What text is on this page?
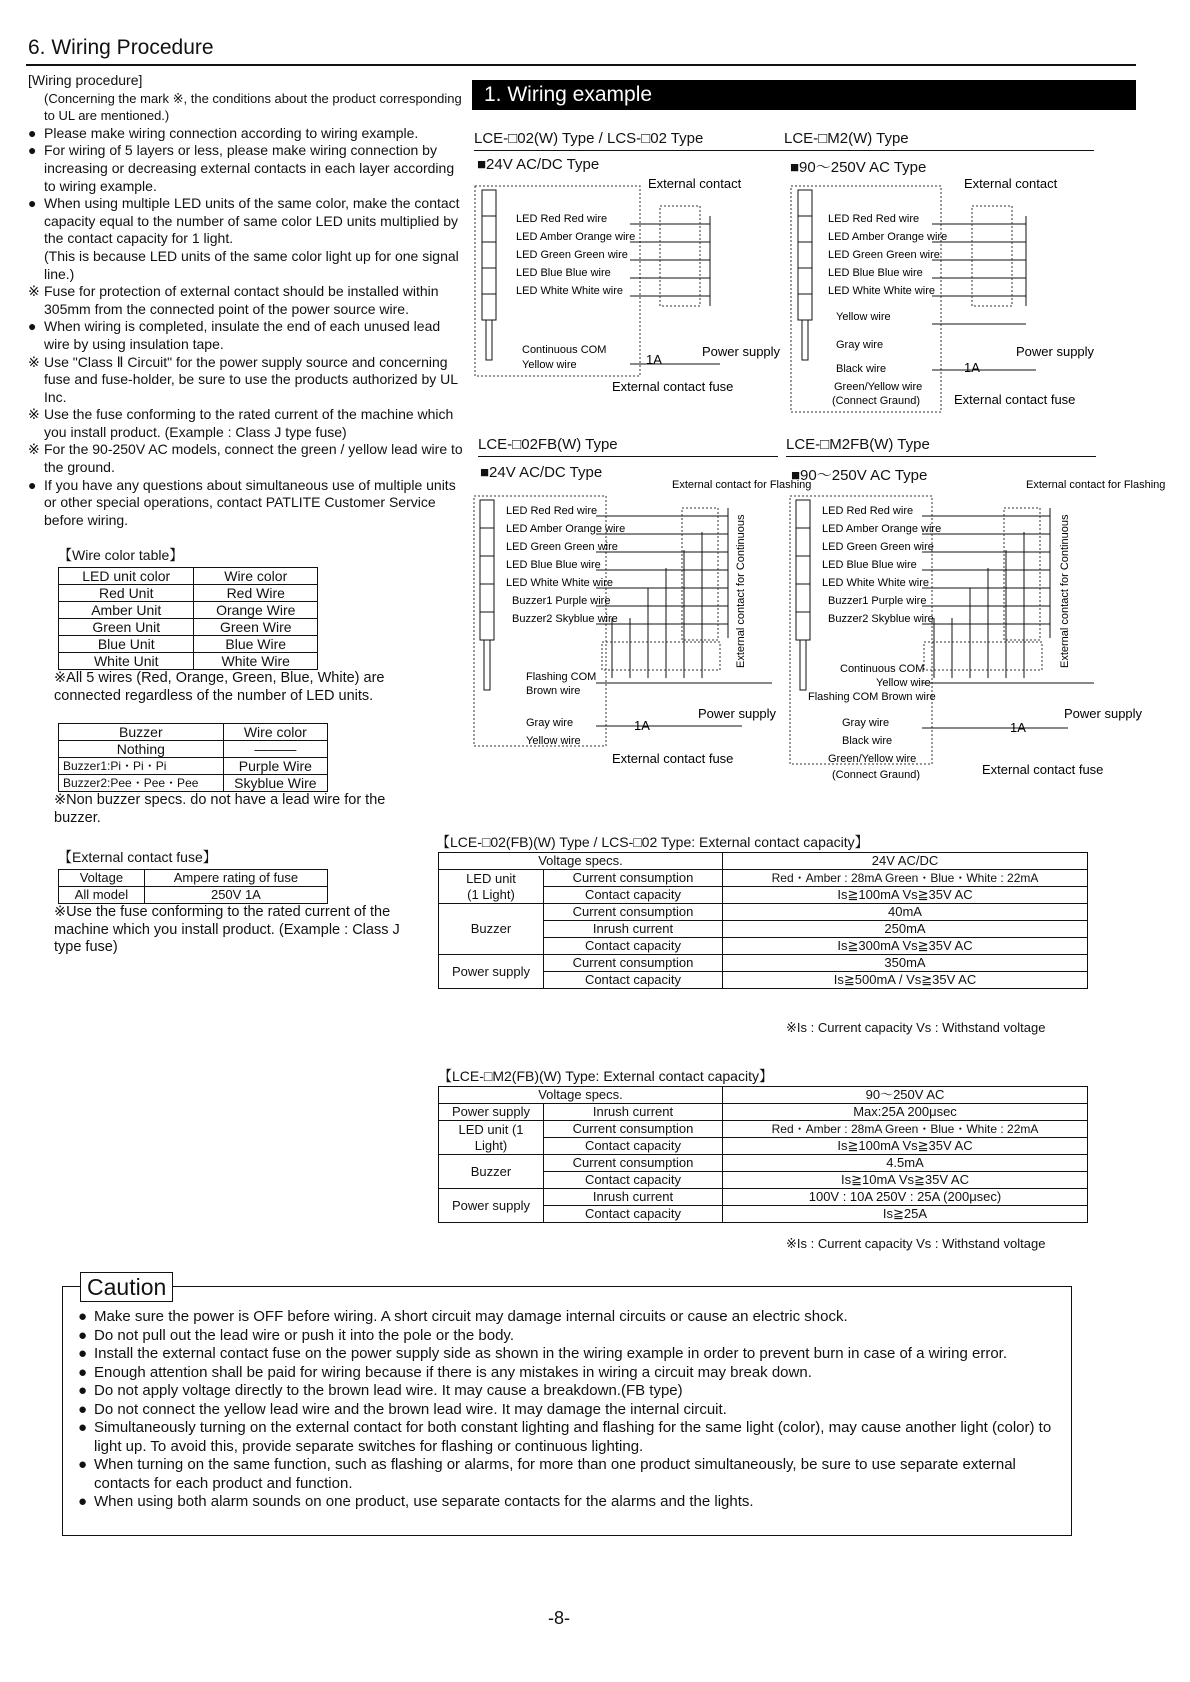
6. Wiring Procedure

[Wiring procedure]

(Concerning the mark ※, the conditions about the product corresponding to UL are mentioned.)

● Please make wiring connection according to wiring example.
● For wiring of 5 layers or less, please make wiring connection by increasing or decreasing external contacts in each layer according to wiring example.
● When using multiple LED units of the same color, make the contact capacity equal to the number of same color LED units multiplied by the contact capacity for 1 light.
(This is because LED units of the same color light up for one signal line.)
※ Fuse for protection of external contact should be installed within 305mm from the connected point of the power source wire.
● When wiring is completed, insulate the end of each unused lead wire by using insulation tape.
※ Use "Class Ⅱ Circuit" for the power supply source and concerning fuse and fuse-holder, be sure to use the products authorized by UL Inc.
※ Use the fuse conforming to the rated current of the machine which you install product. (Example : Class J type fuse)
※ For the 90-250V AC models, connect the green / yellow lead wire to the ground.
● If you have any questions about simultaneous use of multiple units or other special operations, contact PATLITE Customer Service before wiring.
【Wire color table】
LED unit color	Wire color
Red Unit	Red Wire
Amber Unit	Orange Wire
Green Unit	Green Wire
Blue Unit	Blue Wire
White Unit	White Wire

※All 5 wires (Red, Orange, Green, Blue, White) are connected regardless of the number of LED units.

Buzzer	Wire color
Nothing	———
Buzzer1:Pi・Pi・Pi	Purple Wire
Buzzer2:Pee・Pee・Pee	Skyblue Wire

※Non buzzer specs. do not have a lead wire for the buzzer.

【External contact fuse】
Voltage	Ampere rating of fuse
All model	250V 1A

※Use the fuse conforming to the rated current of the machine which you install product. (Example : Class J type fuse)

1. Wiring example
LCE-□02(W) Type / LCS-□02 Type
■24V AC/DC Type
LCE-□M2(W) Type
■90〜250V AC Type
LCE-□02FB(W) Type
■24V AC/DC Type
LCE-□M2FB(W) Type
■90〜250V AC Type
LED Red Red wire
LED Amber Orange wire
LED Green Green wire
LED Blue Blue wire
LED White White wire
Continuous COM
Yellow wire
External contact
1A
Power supply
External contact fuse
LED Red Red wire
LED Amber Orange wire
LED Green Green wire
LED Blue Blue wire
LED White White wire
Yellow wire
Gray wire
Black wire
Green/Yellow wire
(Connect Graund)
External contact
1A
Power supply
External contact fuse
LED Red Red wire
LED Amber Orange wire
LED Green Green wire
LED Blue Blue wire
LED White White wire
Buzzer1 Purple wire
Buzzer2 Skyblue wire
Flashing COM
Brown wire
Gray wire
Yellow wire
External contact for Flashing
External contact for Continuous
1A
Power supply
External contact fuse
LED Red Red wire
LED Amber Orange wire
LED Green Green wire
LED Blue Blue wire
LED White White wire
Buzzer1 Purple wire
Buzzer2 Skyblue wire
Continuous COM
Yellow wire
Flashing COM Brown wire
Gray wire
Black wire
Green/Yellow wire
(Connect Graund)
External contact for Flashing
External contact for Continuous
1A
Power supply
External contact fuse
【LCE-□02(FB)(W) Type / LCS-□02 Type: External contact capacity】
Voltage specs.		24V AC/DC
LED unit
(1 Light)	Current consumption	Red・Amber : 28mA Green・Blue・White : 22mA
	Contact capacity	Is≧100mA Vs≧35V AC
Buzzer	Current consumption	40mA
	Inrush current	250mA
	Contact capacity	Is≧300mA Vs≧35V AC
Power supply	Current consumption	350mA
	Contact capacity	Is≧500mA / Vs≧35V AC
※Is : Current capacity Vs : Withstand voltage
【LCE-□M2(FB)(W) Type: External contact capacity】
Voltage specs.		90〜250V AC
Power supply	Inrush current	Max:25A 200μsec
LED unit (1 Light)	Current consumption	Red・Amber : 28mA Green・Blue・White : 22mA
	Contact capacity	Is≧100mA Vs≧35V AC
Buzzer	Current consumption	4.5mA
	Contact capacity	Is≧10mA Vs≧35V AC
Power supply	Inrush current	100V : 10A 250V : 25A (200μsec)
	Contact capacity	Is≧25A
※Is : Current capacity Vs : Withstand voltage
Caution
● Make sure the power is OFF before wiring. A short circuit may damage internal circuits or cause an electric shock.
● Do not pull out the lead wire or push it into the pole or the body.
● Install the external contact fuse on the power supply side as shown in the wiring example in order to prevent burn in case of a wiring error.
● Enough attention shall be paid for wiring because if there is any mistakes in wiring a circuit may break down.
● Do not apply voltage directly to the brown lead wire. It may cause a breakdown.(FB type)
● Do not connect the yellow lead wire and the brown lead wire. It may damage the internal circuit.
● Simultaneously turning on the external contact for both constant lighting and flashing for the same light (color), may cause another light (color) to light up. To avoid this, provide separate switches for flashing or continuous lighting.
● When turning on the same function, such as flashing or alarms, for more than one product simultaneously, be sure to use separate external contacts for each product and function.
● When using both alarm sounds on one product, use separate contacts for the alarms and the lights.
-8-
